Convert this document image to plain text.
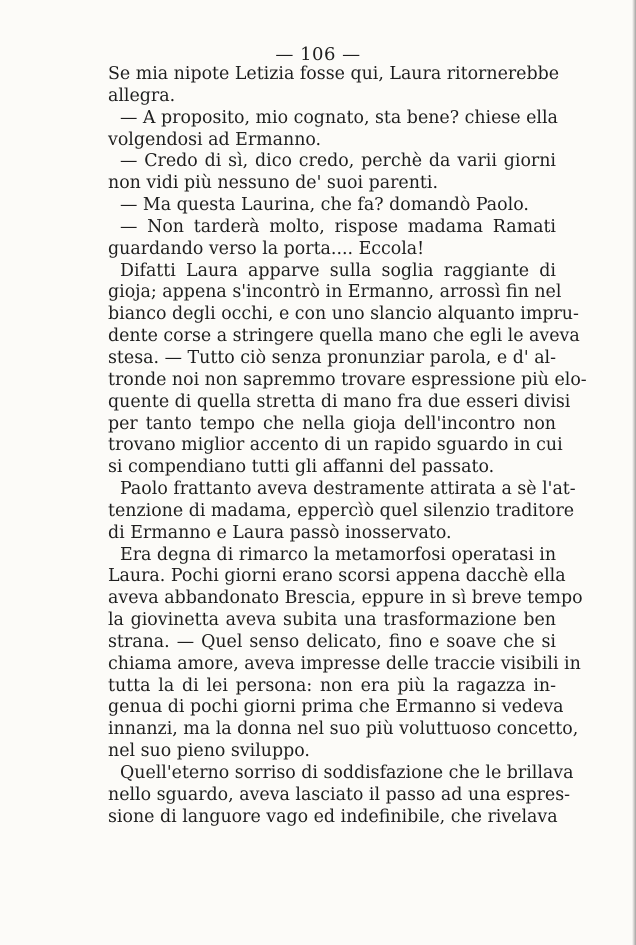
— 106 —
Se mia nipote Letizia fosse qui, Laura ritornerebbe
allegra.
— A proposito, mio cognato, sta bene? chiese ella
volgendosi ad Ermanno.
— Credo di sì, dico credo, perchè da varii giorni
non vidi più nessuno de' suoi parenti.
— Ma questa Laurina, che fa? domandò Paolo.
— Non tarderà molto, rispose madama Ramati
guardando verso la porta.... Eccola!
Difatti Laura apparve sulla soglia raggiante di
gioja; appena s'incontrò in Ermanno, arrossì fin nel
bianco degli occhi, e con uno slancio alquanto impru-
dente corse a stringere quella mano che egli le aveva
stesa. — Tutto ciò senza pronunziar parola, e d' al-
tronde noi non sapremmo trovare espressione più elo-
quente di quella stretta di mano fra due esseri divisi
per tanto tempo che nella gioja dell'incontro non
trovano miglior accento di un rapido sguardo in cui
si compendiano tutti gli affanni del passato.
Paolo frattanto aveva destramente attirata a sè l'at-
tenzione di madama, eppercìò quel silenzio traditore
di Ermanno e Laura passò inosservato.
Era degna di rimarco la metamorfosi operatasi in
Laura. Pochi giorni erano scorsi appena dacchè ella
aveva abbandonato Brescia, eppure in sì breve tempo
la giovinetta aveva subita una trasformazione ben
strana. — Quel senso delicato, fino e soave che si
chiama amore, aveva impresse delle traccie visibili in
tutta la di lei persona: non era più la ragazza in-
genua di pochi giorni prima che Ermanno si vedeva
innanzi, ma la donna nel suo più voluttuoso concetto,
nel suo pieno sviluppo.
Quell'eterno sorriso di soddisfazione che le brillava
nello sguardo, aveva lasciato il passo ad una espres-
sione di languore vago ed indefinibile, che rivelava
